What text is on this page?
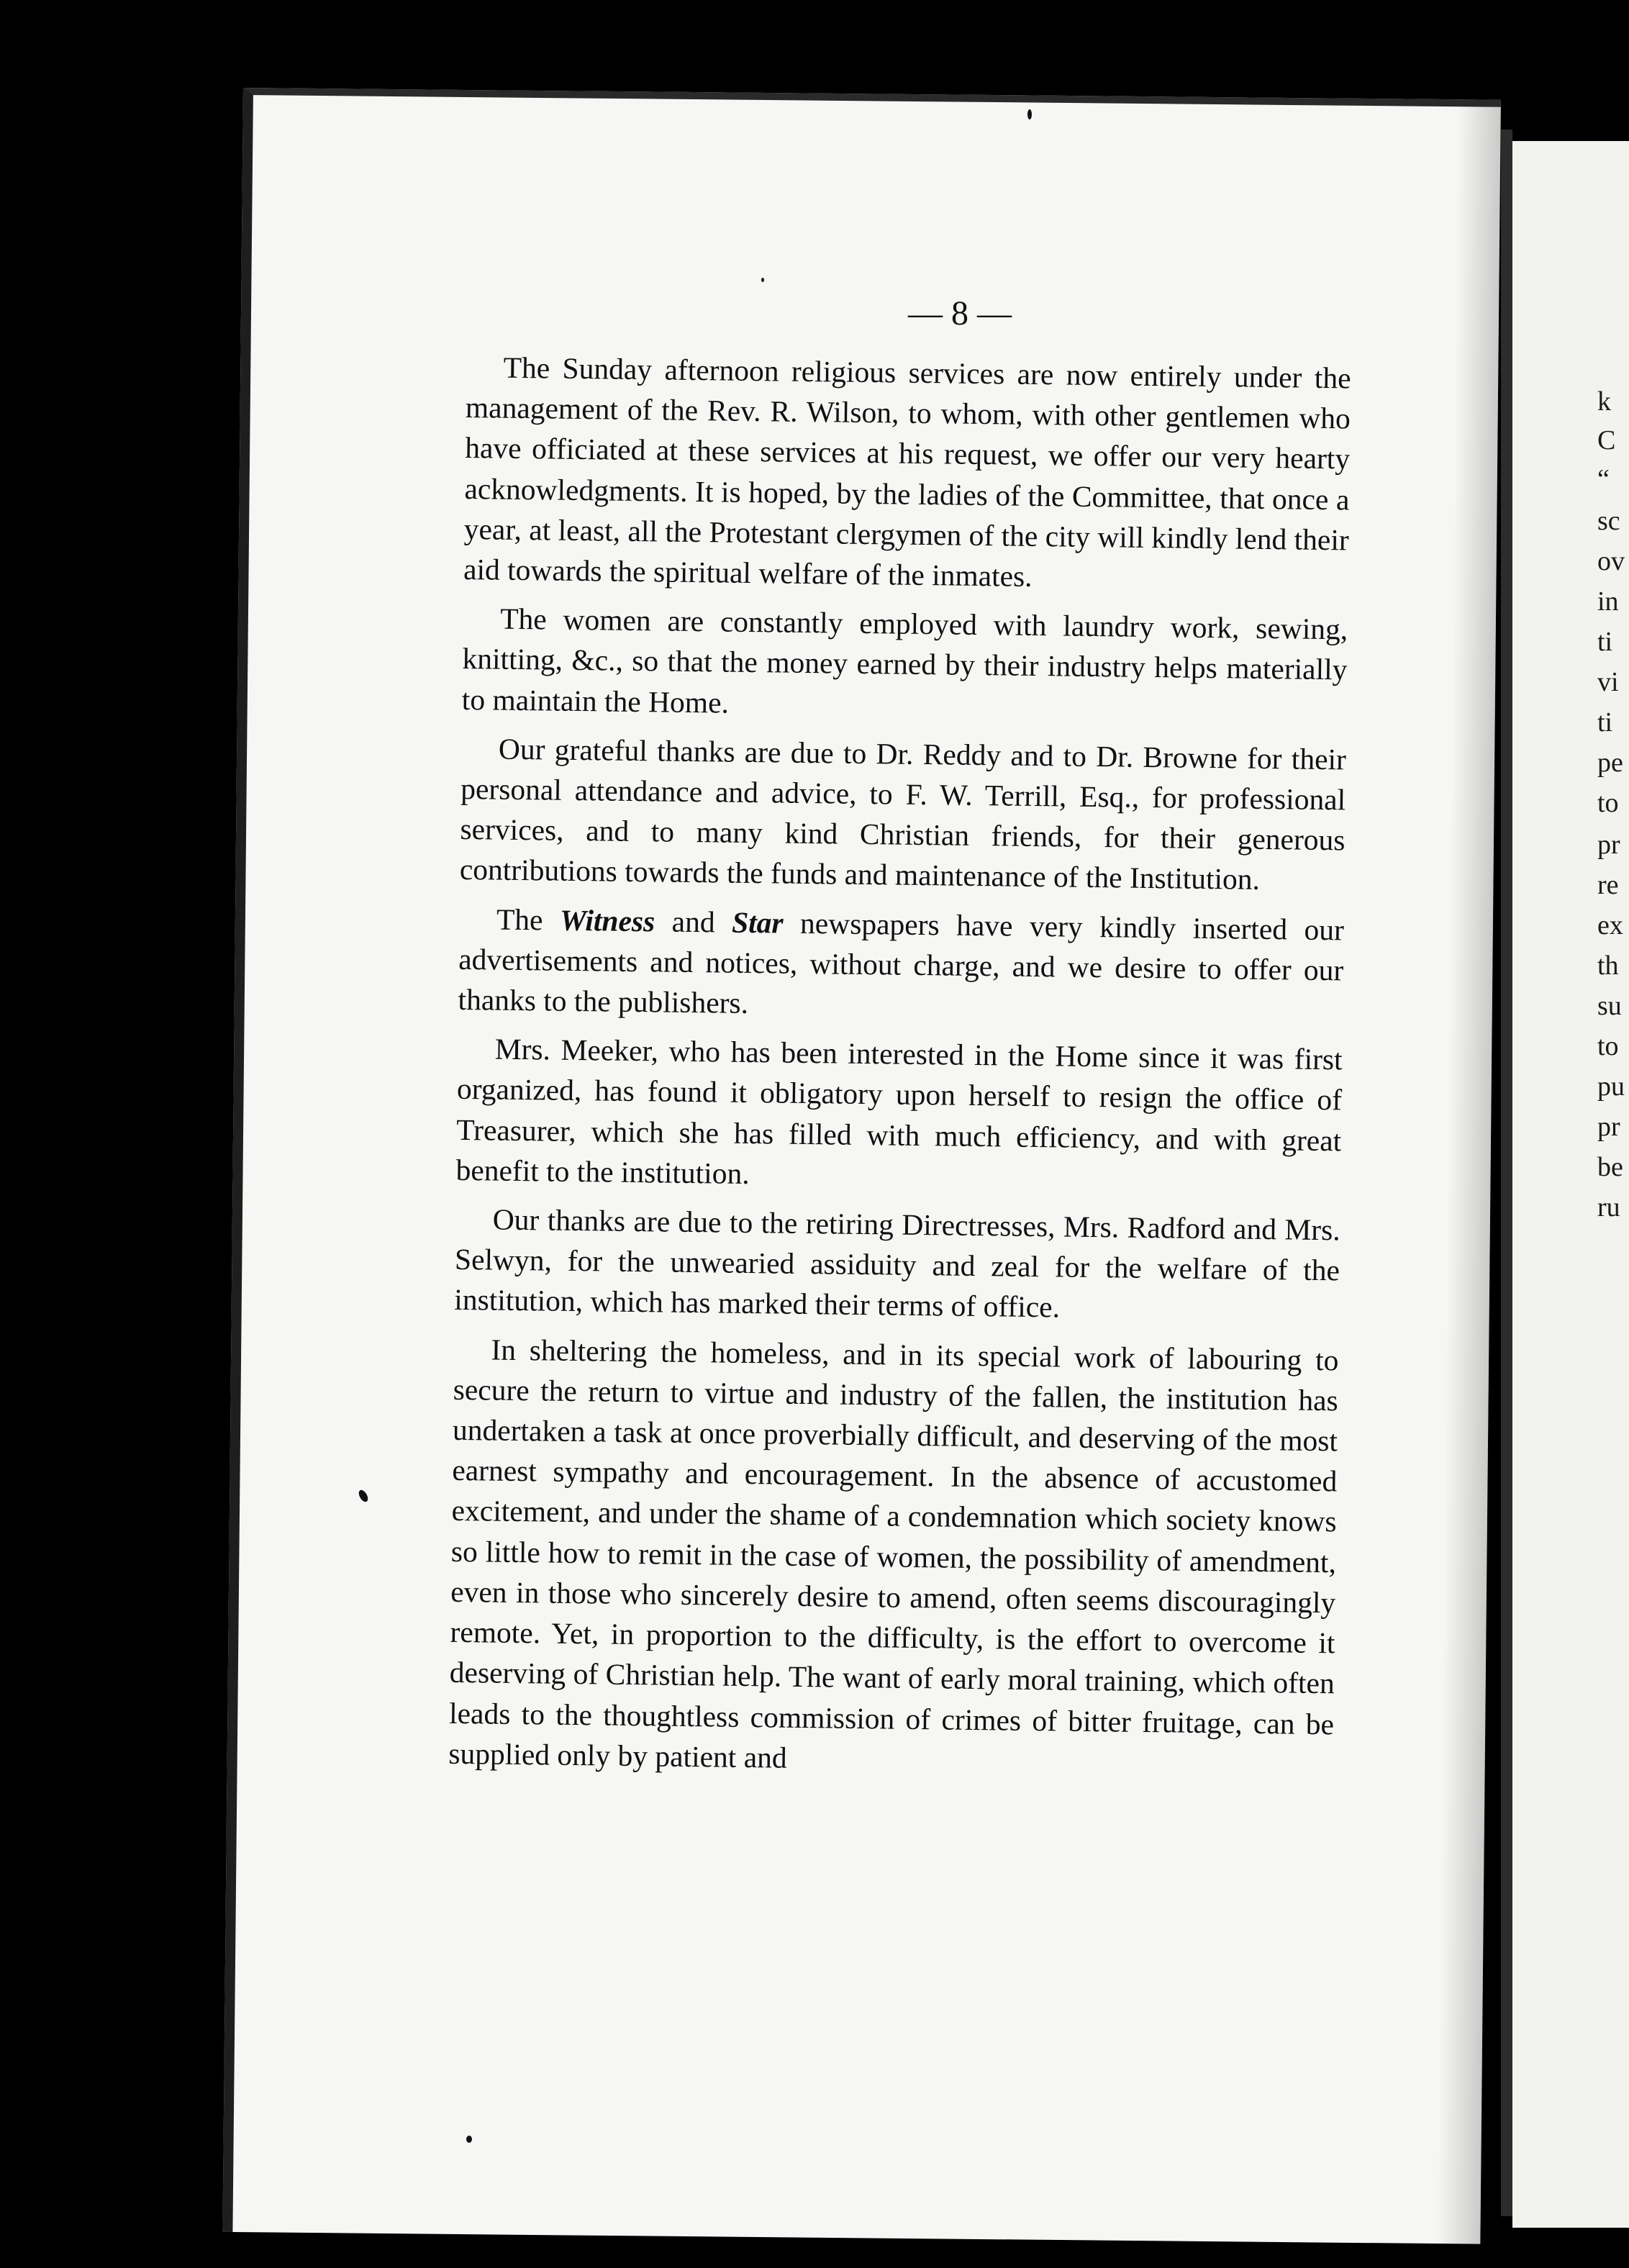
k
C
“
sc
ov
in
ti
vi
ti
pe
to
pr
re
ex
th
su
to
pu
pr
be
ru
— 8 —

The Sunday afternoon religious services are now entirely under the management of the Rev. R. Wilson, to whom, with other gentlemen who have officiated at these services at his request, we offer our very hearty acknowledgments. It is hoped, by the ladies of the Committee, that once a year, at least, all the Protestant clergymen of the city will kindly lend their aid towards the spiritual welfare of the inmates.

The women are constantly employed with laundry work, sewing, knitting, &c., so that the money earned by their industry helps materially to maintain the Home.

Our grateful thanks are due to Dr. Reddy and to Dr. Browne for their personal attendance and advice, to F. W. Terrill, Esq., for professional services, and to many kind Christian friends, for their generous contributions towards the funds and maintenance of the Institution.

The Witness and Star newspapers have very kindly inserted our advertisements and notices, without charge, and we desire to offer our thanks to the publishers.

Mrs. Meeker, who has been interested in the Home since it was first organized, has found it obligatory upon herself to resign the office of Treasurer, which she has filled with much efficiency, and with great benefit to the institution.

Our thanks are due to the retiring Directresses, Mrs. Radford and Mrs. Selwyn, for the unwearied assiduity and zeal for the welfare of the institution, which has marked their terms of office.

In sheltering the homeless, and in its special work of labouring to secure the return to virtue and industry of the fallen, the institution has undertaken a task at once proverbially difficult, and deserving of the most earnest sympathy and encouragement. In the absence of accustomed excitement, and under the shame of a condemnation which society knows so little how to remit in the case of women, the possibility of amendment, even in those who sincerely desire to amend, often seems discouragingly remote. Yet, in proportion to the difficulty, is the effort to overcome it deserving of Christian help. The want of early moral training, which often leads to the thoughtless commission of crimes of bitter fruitage, can be supplied only by patient and
